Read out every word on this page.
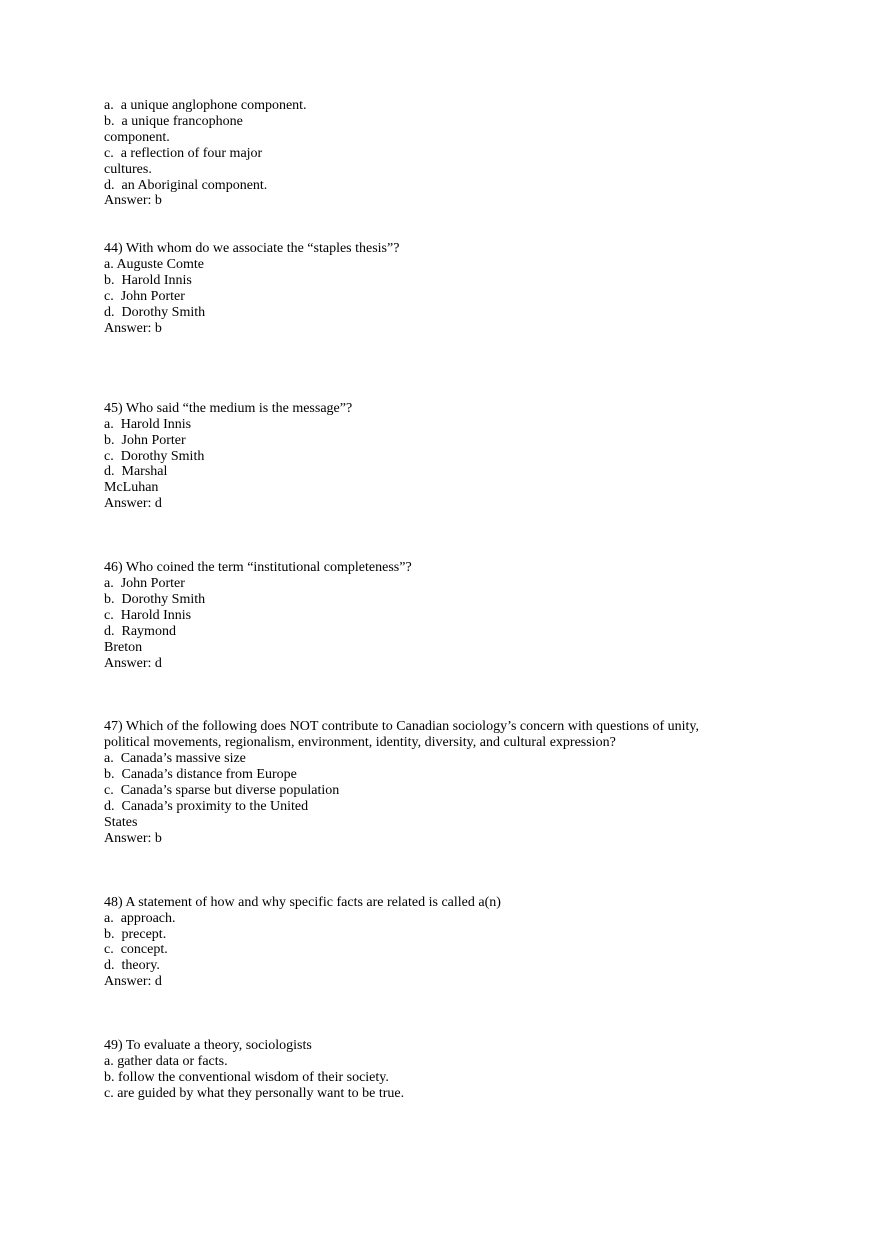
a.  a unique anglophone component.
b.  a unique francophone
component.
c.  a reflection of four major
cultures.
d.  an Aboriginal component.
Answer: b
44) With whom do we associate the “staples thesis”?
a. Auguste Comte
b.  Harold Innis
c.  John Porter
d.  Dorothy Smith
Answer: b
45) Who said “the medium is the message”?
a.  Harold Innis
b.  John Porter
c.  Dorothy Smith
d.  Marshal
McLuhan
Answer: d
46) Who coined the term “institutional completeness”?
a.  John Porter
b.  Dorothy Smith
c.  Harold Innis
d.  Raymond
Breton
Answer: d
47) Which of the following does NOT contribute to Canadian sociology’s concern with questions of unity,
political movements, regionalism, environment, identity, diversity, and cultural expression?
a.  Canada’s massive size
b.  Canada’s distance from Europe
c.  Canada’s sparse but diverse population
d.  Canada’s proximity to the United
States
Answer: b
48) A statement of how and why specific facts are related is called a(n)
a.  approach.
b.  precept.
c.  concept.
d.  theory.
Answer: d
49) To evaluate a theory, sociologists
a. gather data or facts.
b. follow the conventional wisdom of their society.
c. are guided by what they personally want to be true.
